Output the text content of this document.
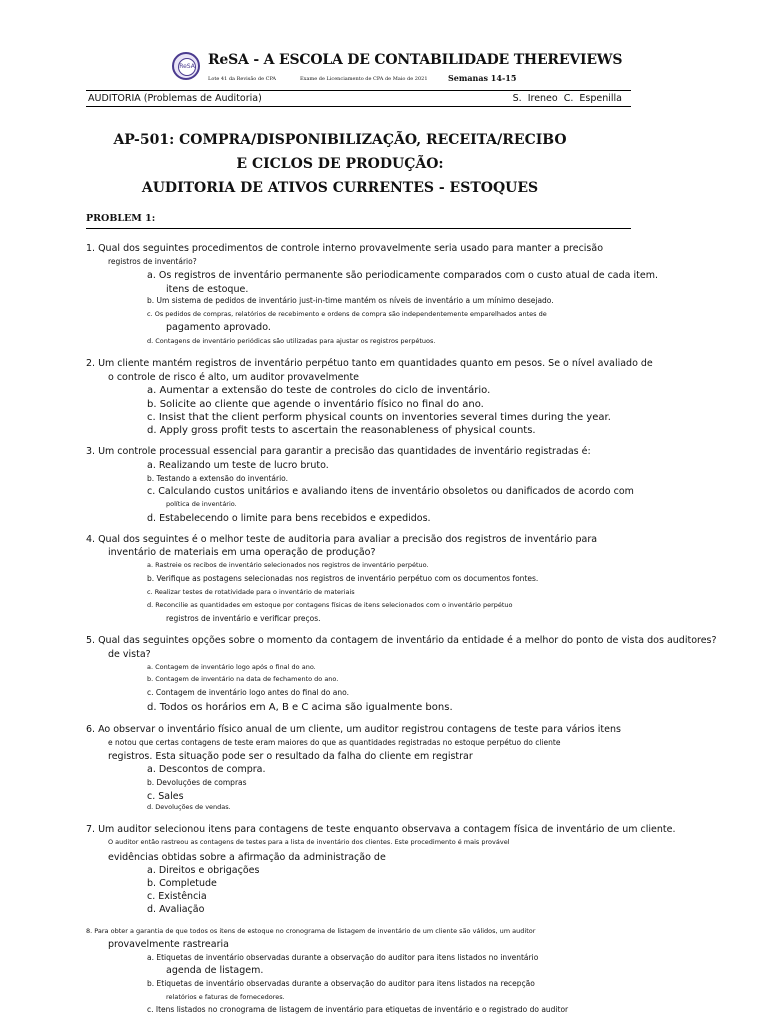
ReSA ReSA - A ESCOLA DE CONTABILIDADE THEREVIEWS
Lote 41 da Revisão de CPA	Exame de Licenciamento de CPA de Maio de 2021	Semanas 14-15
AUDITORIA (Problemas de Auditoria)	S. Ireneo C. Espenilla
AP-501: COMPRA/DISPONIBILIZAÇÃO, RECEITA/RECIBO
E CICLOS DE PRODUÇÃO:
AUDITORIA DE ATIVOS CURRENTES - ESTOQUES
PROBLEM 1:
1. Qual dos seguintes procedimentos de controle interno provavelmente seria usado para manter a precisão
registros de inventário?
a. Os registros de inventário permanente são periodicamente comparados com o custo atual de cada item.
itens de estoque.
b. Um sistema de pedidos de inventário just-in-time mantém os níveis de inventário a um mínimo desejado.
c. Os pedidos de compras, relatórios de recebimento e ordens de compra são independentemente emparelhados antes de
pagamento aprovado.
d. Contagens de inventário periódicas são utilizadas para ajustar os registros perpétuos.
2. Um cliente mantém registros de inventário perpétuo tanto em quantidades quanto em pesos. Se o nível avaliado de
o controle de risco é alto, um auditor provavelmente
a. Aumentar a extensão do teste de controles do ciclo de inventário.
b. Solicite ao cliente que agende o inventário físico no final do ano.
c. Insist that the client perform physical counts on inventories several times during the year.
d. Apply gross profit tests to ascertain the reasonableness of physical counts.
3. Um controle processual essencial para garantir a precisão das quantidades de inventário registradas é:
a. Realizando um teste de lucro bruto.
b. Testando a extensão do inventário.
c. Calculando custos unitários e avaliando itens de inventário obsoletos ou danificados de acordo com
política de inventário.
d. Estabelecendo o limite para bens recebidos e expedidos.
4. Qual dos seguintes é o melhor teste de auditoria para avaliar a precisão dos registros de inventário para
inventário de materiais em uma operação de produção?
a. Rastreie os recibos de inventário selecionados nos registros de inventário perpétuo.
b. Verifique as postagens selecionadas nos registros de inventário perpétuo com os documentos fontes.
c. Realizar testes de rotatividade para o inventário de materiais
d. Reconcilie as quantidades em estoque por contagens físicas de itens selecionados com o inventário perpétuo
registros de inventário e verificar preços.
5. Qual das seguintes opções sobre o momento da contagem de inventário da entidade é a melhor do ponto de vista dos auditores?
de vista?
a. Contagem de inventário logo após o final do ano.
b. Contagem de inventário na data de fechamento do ano.
c. Contagem de inventário logo antes do final do ano.
d. Todos os horários em A, B e C acima são igualmente bons.
6. Ao observar o inventário físico anual de um cliente, um auditor registrou contagens de teste para vários itens
e notou que certas contagens de teste eram maiores do que as quantidades registradas no estoque perpétuo do cliente
registros. Esta situação pode ser o resultado da falha do cliente em registrar
a. Descontos de compra.
b. Devoluções de compras
c. Sales
d. Devoluções de vendas.
7. Um auditor selecionou itens para contagens de teste enquanto observava a contagem física de inventário de um cliente.
O auditor então rastreou as contagens de testes para a lista de inventário dos clientes. Este procedimento é mais provável
evidências obtidas sobre a afirmação da administração de
a. Direitos e obrigações
b. Completude
c. Existência
d. Avaliação
8. Para obter a garantia de que todos os itens de estoque no cronograma de listagem de inventário de um cliente são válidos, um auditor
provavelmente rastrearia
a. Etiquetas de inventário observadas durante a observação do auditor para itens listados no inventário
agenda de listagem.
b. Etiquetas de inventário observadas durante a observação do auditor para itens listados na recepção
relatórios e faturas de fornecedores.
c. Itens listados no cronograma de listagem de inventário para etiquetas de inventário e o registrado do auditor
